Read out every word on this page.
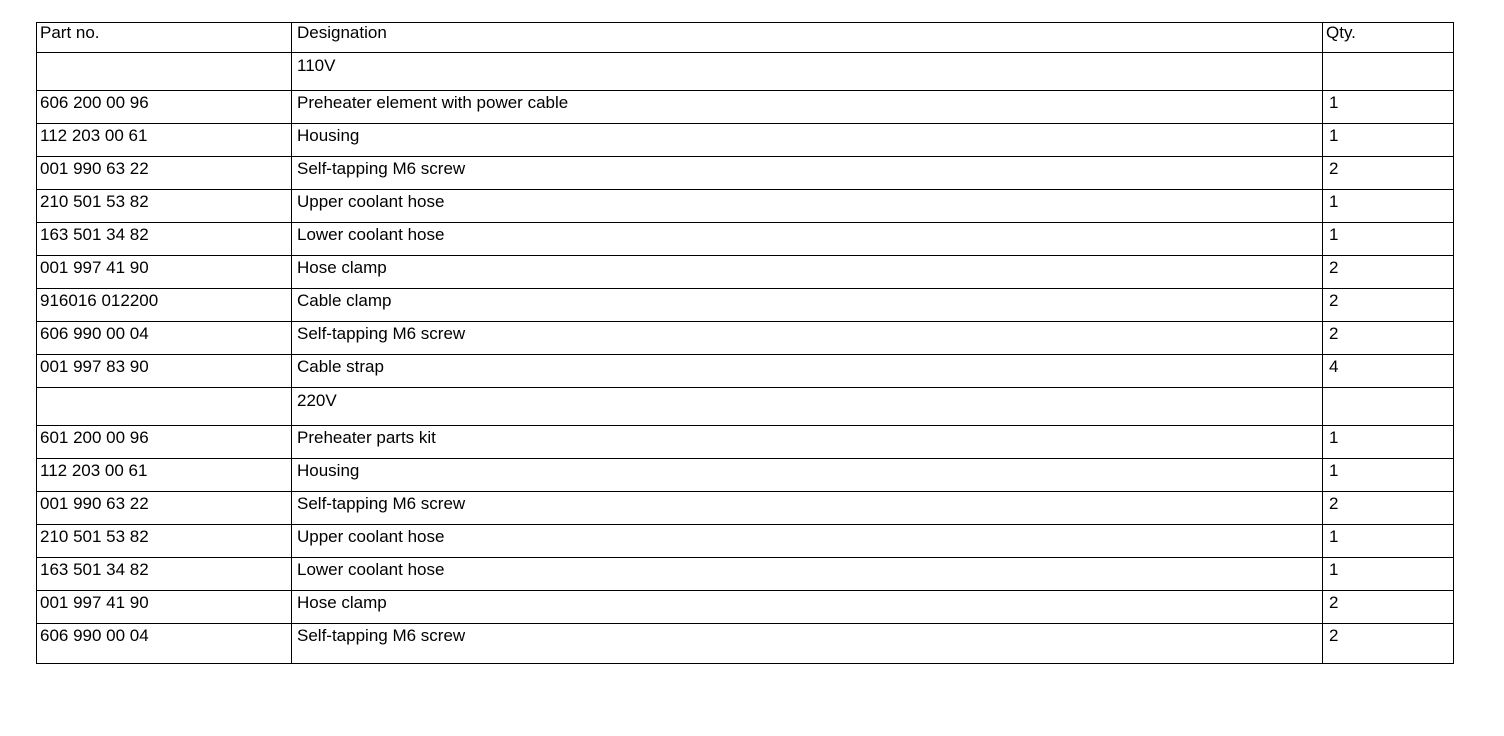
Part no.	Designation	Qty.
	110V	
606 200 00 96	Preheater element with power cable	1
112 203 00 61	Housing	1
001 990 63 22	Self-tapping M6 screw	2
210 501 53 82	Upper coolant hose	1
163 501 34 82	Lower coolant hose	1
001 997 41 90	Hose clamp	2
916016 012200	Cable clamp	2
606 990 00 04	Self-tapping M6 screw	2
001 997 83 90	Cable strap	4
	220V	
601 200 00 96	Preheater parts kit	1
112 203 00 61	Housing	1
001 990 63 22	Self-tapping M6 screw	2
210 501 53 82	Upper coolant hose	1
163 501 34 82	Lower coolant hose	1
001 997 41 90	Hose clamp	2
606 990 00 04	Self-tapping M6 screw	2
